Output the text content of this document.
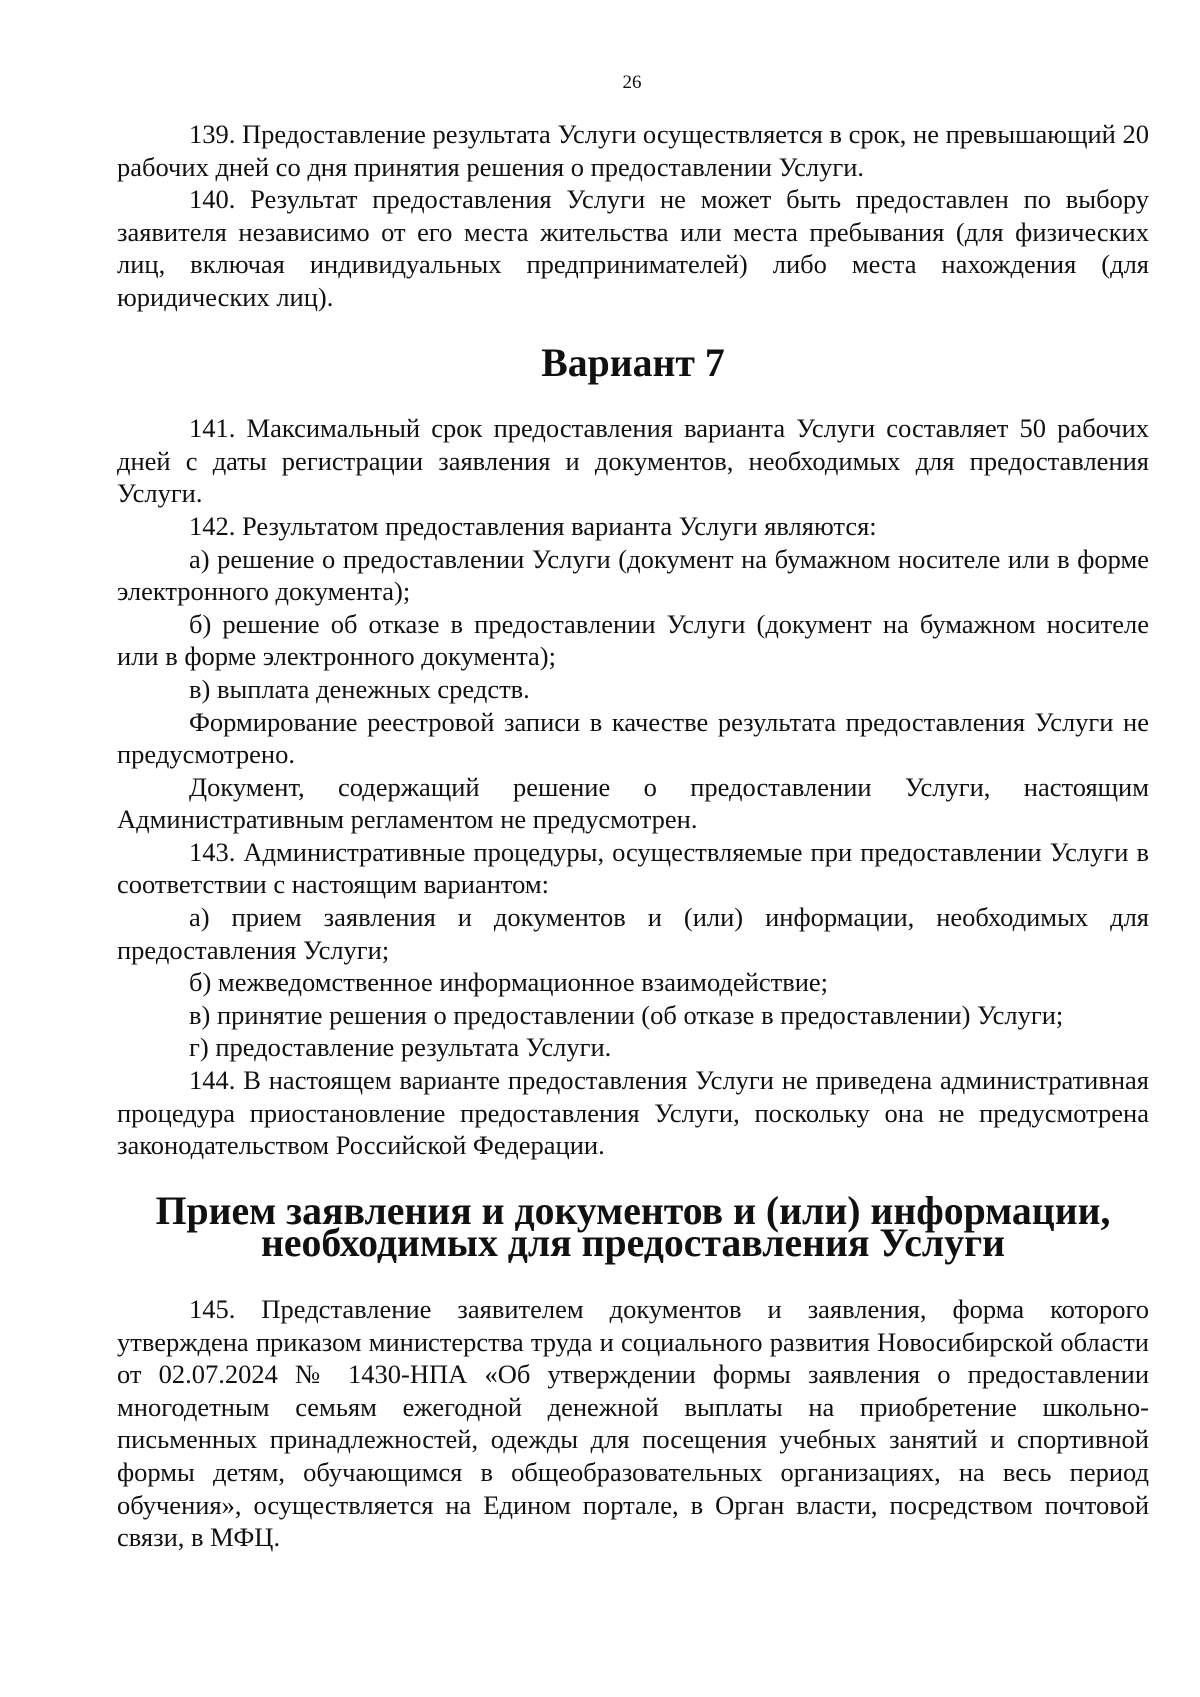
26

139. Предоставление результата Услуги осуществляется в срок, не превышающий 20 рабочих дней со дня принятия решения о предоставлении Услуги.

140. Результат предоставления Услуги не может быть предоставлен по выбору заявителя независимо от его места жительства или места пребывания (для физических лиц, включая индивидуальных предпринимателей) либо места нахождения (для юридических лиц).

Вариант 7

141. Максимальный срок предоставления варианта Услуги составляет 50 рабочих дней с даты регистрации заявления и документов, необходимых для предоставления Услуги.

142. Результатом предоставления варианта Услуги являются:

а) решение о предоставлении Услуги (документ на бумажном носителе или в форме электронного документа);

б) решение об отказе в предоставлении Услуги (документ на бумажном носителе или в форме электронного документа);

в) выплата денежных средств.

Формирование реестровой записи в качестве результата предоставления Услуги не предусмотрено.

Документ, содержащий решение о предоставлении Услуги, настоящим Административным регламентом не предусмотрен.

143. Административные процедуры, осуществляемые при предоставлении Услуги в соответствии с настоящим вариантом:

а) прием заявления и документов и (или) информации, необходимых для предоставления Услуги;

б) межведомственное информационное взаимодействие;

в) принятие решения о предоставлении (об отказе в предоставлении) Услуги;

г) предоставление результата Услуги.

144. В настоящем варианте предоставления Услуги не приведена административная процедура приостановление предоставления Услуги, поскольку она не предусмотрена законодательством Российской Федерации.

Прием заявления и документов и (или) информации, необходимых для предоставления Услуги

145. Представление заявителем документов и заявления, форма которого утверждена приказом министерства труда и социального развития Новосибирской области от 02.07.2024 № 1430-НПА «Об утверждении формы заявления о предоставлении многодетным семьям ежегодной денежной выплаты на приобретение школьно-письменных принадлежностей, одежды для посещения учебных занятий и спортивной формы детям, обучающимся в общеобразовательных организациях, на весь период обучения», осуществляется на Едином портале, в Орган власти, посредством почтовой связи, в МФЦ.
